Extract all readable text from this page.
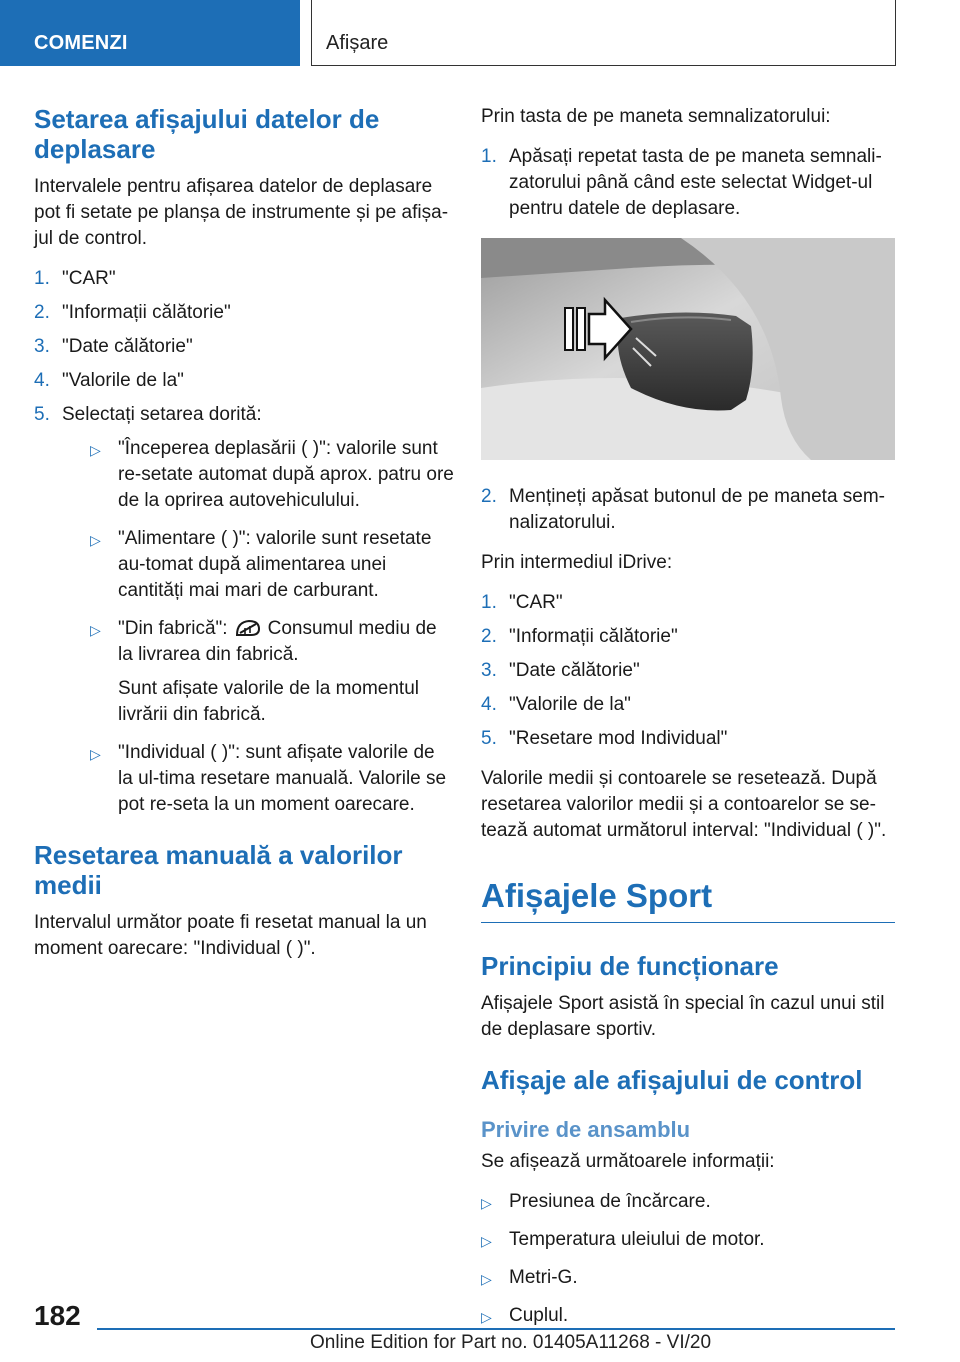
COMENZI	Afișare
Setarea afișajului datelor de deplasare

Intervalele pentru afișarea datelor de deplasare pot fi setate pe planșa de instrumente și pe afișa-jul de control.

1. "CAR"
2. "Informații călătorie"
3. "Date călătorie"
4. "Valorile de la"
5. Selectați setarea dorită:
▷ "Începerea deplasării ( )": valorile sunt re-setate automat după aprox. patru ore de la oprirea autovehiculului.
▷ "Alimentare ( )": valorile sunt resetate au-tomat după alimentarea unei cantități mai mari de carburant.
▷ "Din fabrică": Consumul mediu de la livrarea din fabrică.

Sunt afișate valorile de la momentul livrării din fabrică.

▷ "Individual ( )": sunt afișate valorile de la ul-tima resetare manuală. Valorile se pot re-seta la un moment oarecare.
Resetarea manuală a valorilor medii

Intervalul următor poate fi resetat manual la un moment oarecare: "Individual ( )".

Prin tasta de pe maneta semnalizatorului:

1. Apăsați repetat tasta de pe maneta semnali-zatorului până când este selectat Widget-ul pentru datele de deplasare.
2. Mențineți apăsat butonul de pe maneta sem-nalizatorului.

Prin intermediul iDrive:

1. "CAR"
2. "Informații călătorie"
3. "Date călătorie"
4. "Valorile de la"
5. "Resetare mod Individual"

Valorile medii și contoarele se resetează. După resetarea valorilor medii și a contoarelor se se-tează automat următorul interval: "Individual ( )".

Afișajele Sport
Principiu de funcționare

Afișajele Sport asistă în special în cazul unui stil de deplasare sportiv.

Afișaje ale afișajului de control
Privire de ansamblu

Se afișează următoarele informații:

▷ Presiunea de încărcare.
▷ Temperatura uleiului de motor.
▷ Metri-G.
▷ Cuplul.
182
Online Edition for Part no. 01405A11268 - VI/20
